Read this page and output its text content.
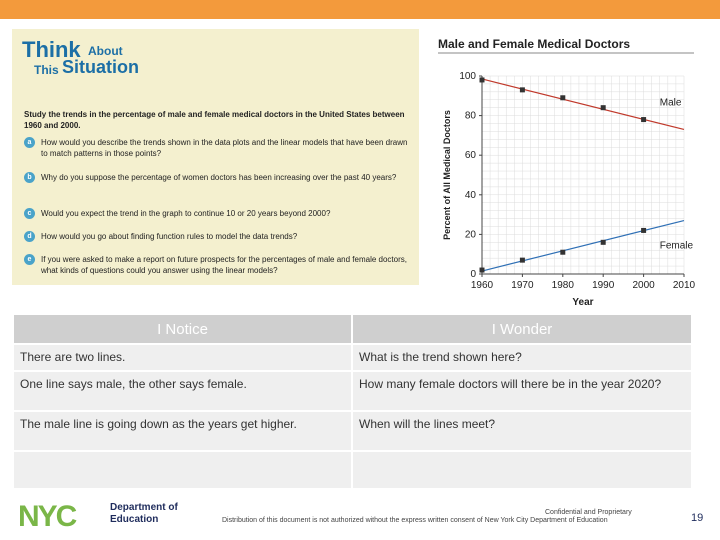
Think About
This Situation
Study the trends in the percentage of male and female medical doctors in the United States between 1960 and 2000.
a	How would you describe the trends shown in the data plots and the linear models that have been drawn to match patterns in those points?
b	Why do you suppose the percentage of women doctors has been increasing over the past 40 years?
c	Would you expect the trend in the graph to continue 10 or 20 years beyond 2000?
d	How would you go about finding function rules to model the data trends?
e	If you were asked to make a report on future prospects for the percentages of male and female doctors, what kinds of questions could you answer using the linear models?
Male and Female Medical Doctors
1960 1970 1980 1990 2000 2010
0
20
40
60
80
100
Year
Percent of All Medical Doctors
Male
Female
I Notice	I Wonder
There are two lines.	What is the trend shown here?
One line says male, the other says female.	How many female doctors will there be in the year 2020?
The male line is going down as the years get higher.	When will the lines meet?

NYC	Department of
Education
Confidential and Proprietary
Distribution of this document is not authorized without the express written consent of New York City Department of Education	19
